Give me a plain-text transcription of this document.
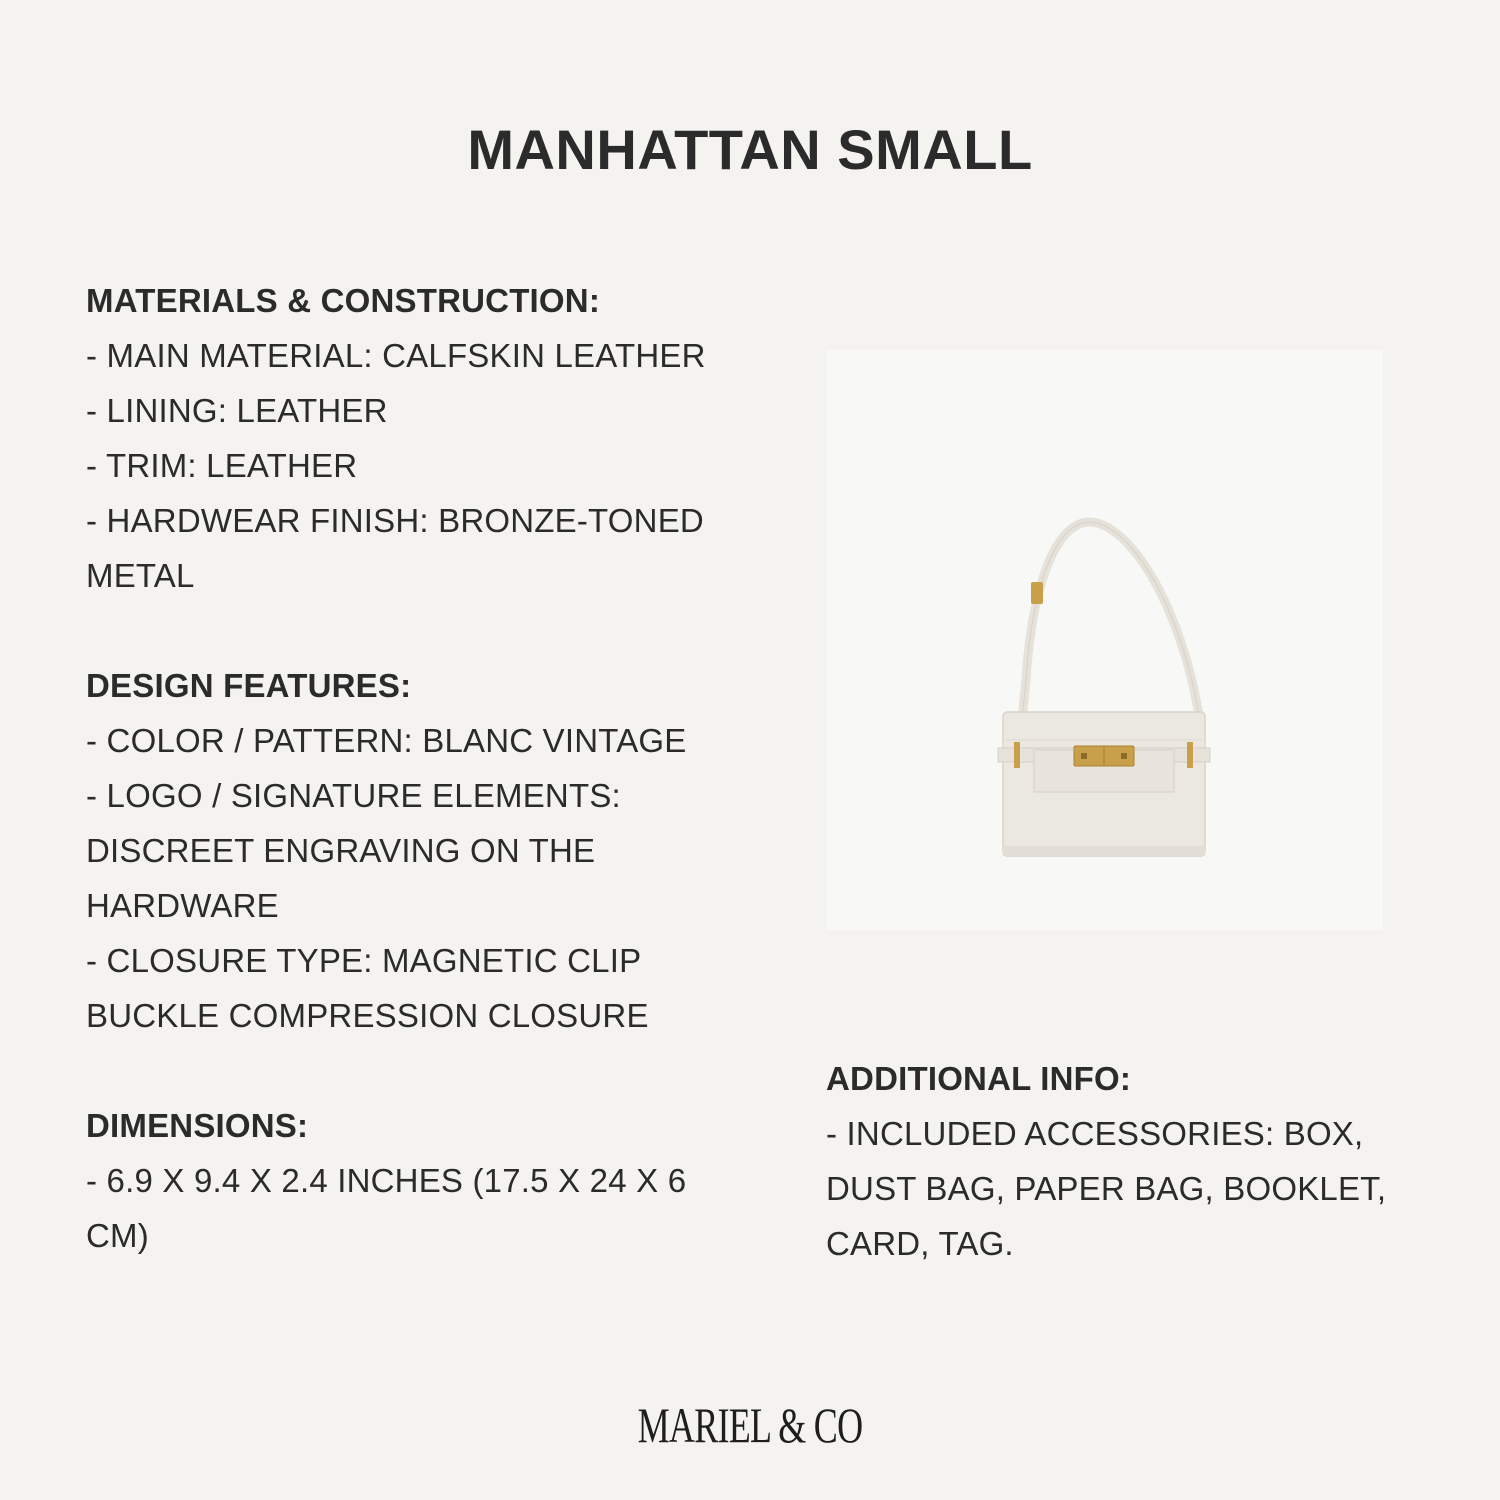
MANHATTAN SMALL

MATERIALS & CONSTRUCTION:

- MAIN MATERIAL: CALFSKIN LEATHER

- LINING: LEATHER

- TRIM: LEATHER

- HARDWEAR FINISH: BRONZE-TONED

METAL

DESIGN FEATURES:

- COLOR / PATTERN: BLANC VINTAGE

- LOGO / SIGNATURE ELEMENTS:

DISCREET ENGRAVING ON THE

HARDWARE

- CLOSURE TYPE: MAGNETIC CLIP

BUCKLE COMPRESSION CLOSURE

DIMENSIONS:

- 6.9 X 9.4 X 2.4 INCHES (17.5 X 24 X 6

CM)

ADDITIONAL INFO:

- INCLUDED ACCESSORIES: BOX,

DUST BAG, PAPER BAG, BOOKLET,

CARD, TAG.

MARIEL & CO
